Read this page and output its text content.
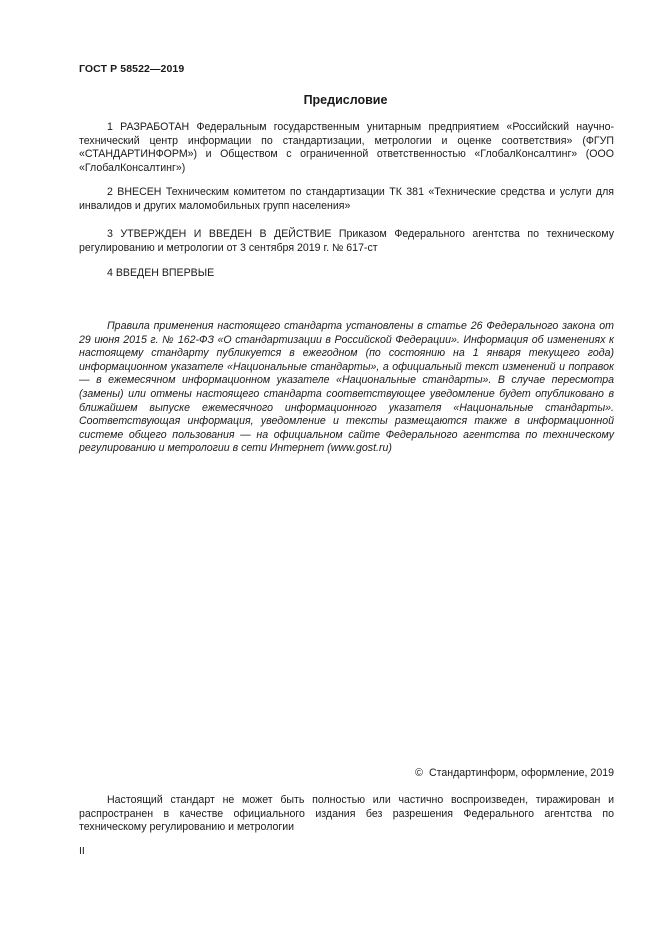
ГОСТ Р 58522—2019
Предисловие

1 РАЗРАБОТАН Федеральным государственным унитарным предприятием «Российский научно-технический центр информации по стандартизации, метрологии и оценке соответствия» (ФГУП «СТАНДАРТИНФОРМ») и Обществом с ограниченной ответственностью «ГлобалКонсалтинг» (ООО «ГлобалКонсалтинг»)

2 ВНЕСЕН Техническим комитетом по стандартизации ТК 381 «Технические средства и услуги для инвалидов и других маломобильных групп населения»

3 УТВЕРЖДЕН И ВВЕДЕН В ДЕЙСТВИЕ Приказом Федерального агентства по техническому регулированию и метрологии от 3 сентября 2019 г. № 617-ст

4 ВВЕДЕН ВПЕРВЫЕ

Правила применения настоящего стандарта установлены в статье 26 Федерального закона от 29 июня 2015 г. № 162-ФЗ «О стандартизации в Российской Федерации». Информация об изменениях к настоящему стандарту публикуется в ежегодном (по состоянию на 1 января текущего года) информационном указателе «Национальные стандарты», а официальный текст изменений и поправок — в ежемесячном информационном указателе «Национальные стандарты». В случае пересмотра (замены) или отмены настоящего стандарта соответствующее уведомление будет опубликовано в ближайшем выпуске ежемесячного информационного указателя «Национальные стандарты». Соответствующая информация, уведомление и тексты размещаются также в информационной системе общего пользования — на официальном сайте Федерального агентства по техническому регулированию и метрологии в сети Интернет (www.gost.ru)

© Стандартинформ, оформление, 2019

Настоящий стандарт не может быть полностью или частично воспроизведен, тиражирован и распространен в качестве официального издания без разрешения Федерального агентства по техническому регулированию и метрологии

II
